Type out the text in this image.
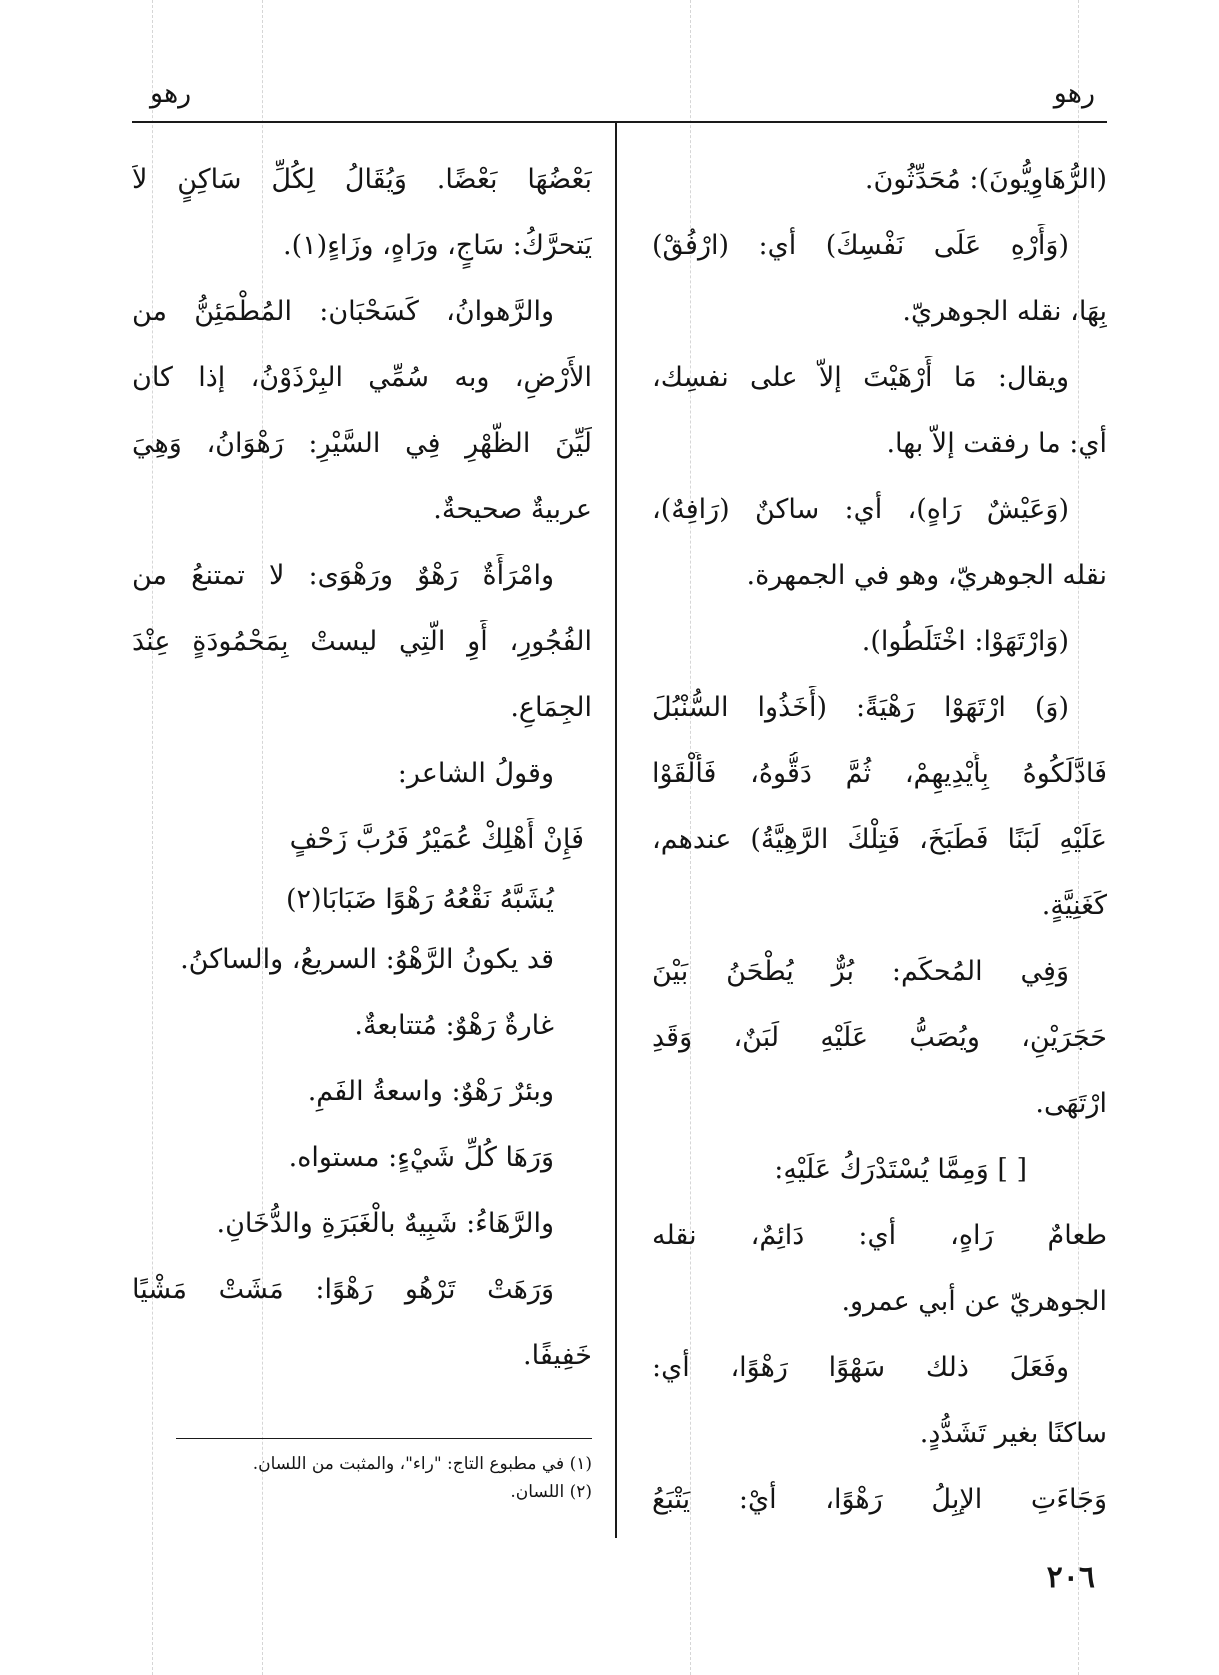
رهو
رهو
(الرُّهَاوِيُّونَ): مُحَدِّثُونَ.
(وَأَرْهِ عَلَى نَفْسِكَ) أي: (ارْفُقْ)
بِهَا، نقله الجوهريّ.
ويقال: مَا أَرْهَيْتَ إلاّ على نفسِك،
أي: ما رفقت إلاّ بها.
(وَعَيْشٌ رَاهٍ)، أي: ساكنٌ (رَافِهٌ)،
نقله الجوهريّ، وهو في الجمهرة.
(وَارْتَهَوْا: اخْتَلَطُوا).
(وَ) ارْتَهَوْا رَهْيَةً: (أَخَذُوا السُّنْبُلَ
فَادَّلَكُوهُ بِأَيْدِيهِمْ، ثُمَّ دَقُّوهُ، فَأَلْقَوْا
عَلَيْهِ لَبَنًا فَطَبَخَ، فَتِلْكَ الرَّهِيَّةُ) عندهم،
كَغَنِيَّةٍ.
وَفِي المُحكَم: بُرٌّ يُطْحَنُ بَيْنَ
حَجَرَيْنِ، ويُصَبُّ عَلَيْهِ لَبَنٌ، وَقَدِ
ارْتَهَى.
[ ] وَمِمَّا يُسْتَدْرَكُ عَلَيْهِ:
طعامٌ رَاهٍ، أي: دَائِمٌ، نقله
الجوهريّ عن أبي عمرو.
وفَعَلَ ذلك سَهْوًا رَهْوًا، أي:
ساكنًا بغير تَشَدُّدٍ.
وَجَاءَتِ الإبِلُ رَهْوًا، أيْ: يَتْبَعُ
بَعْضُهَا بَعْضًا. وَيُقَالُ لِكُلِّ سَاكِنٍ لاَ
يَتحرَّكُ: سَاجٍ، ورَاهٍ، وزَاءٍ(١).
والرَّهوانُ، كَسَحْبَان: المُطْمَئِنُّ من
الأَرْضِ، وبه سُمِّي البِرْذَوْنُ، إذا كان
لَيِّنَ الظَّهْرِ فِي السَّيْرِ: رَهْوَانُ، وَهِيَ
عربيةٌ صحيحةٌ.
وامْرَأَةٌ رَهْوٌ ورَهْوَى: لا تمتنعُ من
الفُجُورِ، أَوِ الَّتِي ليستْ بِمَحْمُودَةٍ عِنْدَ
الجِمَاعِ.
وقولُ الشاعر:
فَإِنْ أَهْلِكْ عُمَيْرُ فَرُبَّ زَحْفٍ
يُشَبَّهُ نَقْعُهُ رَهْوًا ضَبَابَا(٢)
قد يكونُ الرَّهْوُ: السريعُ، والساكنُ.
غارةٌ رَهْوٌ: مُتتابعةٌ.
وبئرٌ رَهْوٌ: واسعةُ الفَمِ.
وَرَهَا كُلِّ شَيْءٍ: مستواه.
والرَّهَاءُ: شَبِيهٌ بالْغَبَرَةِ والدُّخَانِ.
وَرَهَتْ تَرْهُو رَهْوًا: مَشَتْ مَشْيًا
خَفِيفًا.
(١) في مطبوع التاج: "راء"، والمثبت من اللسان.
(٢) اللسان.
٢٠٦
